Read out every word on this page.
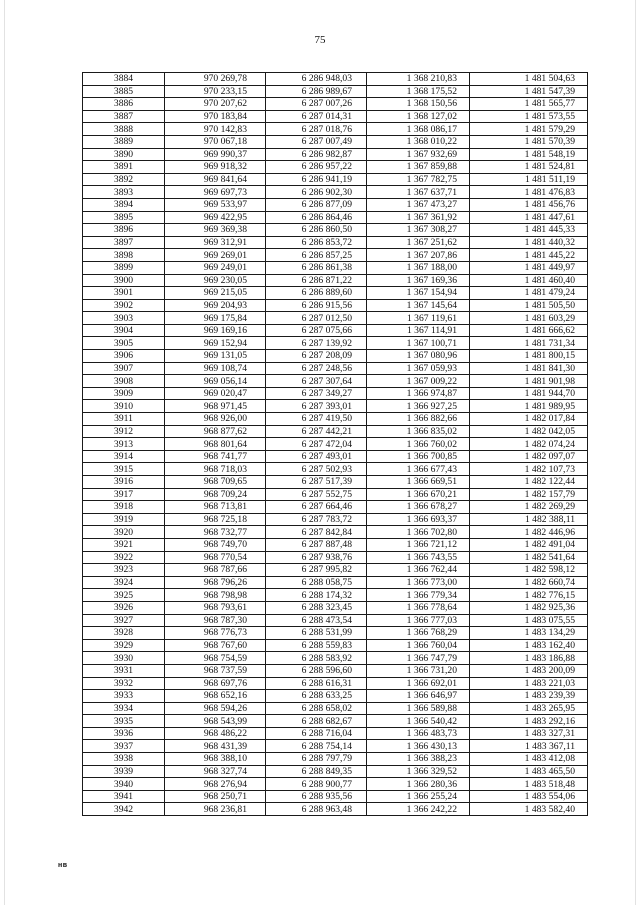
75
3884	970 269,78	6 286 948,03	1 368 210,83	1 481 504,63
3885	970 233,15	6 286 989,67	1 368 175,52	1 481 547,39
3886	970 207,62	6 287 007,26	1 368 150,56	1 481 565,77
3887	970 183,84	6 287 014,31	1 368 127,02	1 481 573,55
3888	970 142,83	6 287 018,76	1 368 086,17	1 481 579,29
3889	970 067,18	6 287 007,49	1 368 010,22	1 481 570,39
3890	969 990,37	6 286 982,87	1 367 932,69	1 481 548,19
3891	969 918,32	6 286 957,22	1 367 859,88	1 481 524,81
3892	969 841,64	6 286 941,19	1 367 782,75	1 481 511,19
3893	969 697,73	6 286 902,30	1 367 637,71	1 481 476,83
3894	969 533,97	6 286 877,09	1 367 473,27	1 481 456,76
3895	969 422,95	6 286 864,46	1 367 361,92	1 481 447,61
3896	969 369,38	6 286 860,50	1 367 308,27	1 481 445,33
3897	969 312,91	6 286 853,72	1 367 251,62	1 481 440,32
3898	969 269,01	6 286 857,25	1 367 207,86	1 481 445,22
3899	969 249,01	6 286 861,38	1 367 188,00	1 481 449,97
3900	969 230,05	6 286 871,22	1 367 169,36	1 481 460,40
3901	969 215,05	6 286 889,60	1 367 154,94	1 481 479,24
3902	969 204,93	6 286 915,56	1 367 145,64	1 481 505,50
3903	969 175,84	6 287 012,50	1 367 119,61	1 481 603,29
3904	969 169,16	6 287 075,66	1 367 114,91	1 481 666,62
3905	969 152,94	6 287 139,92	1 367 100,71	1 481 731,34
3906	969 131,05	6 287 208,09	1 367 080,96	1 481 800,15
3907	969 108,74	6 287 248,56	1 367 059,93	1 481 841,30
3908	969 056,14	6 287 307,64	1 367 009,22	1 481 901,98
3909	969 020,47	6 287 349,27	1 366 974,87	1 481 944,70
3910	968 971,45	6 287 393,01	1 366 927,25	1 481 989,95
3911	968 926,00	6 287 419,50	1 366 882,66	1 482 017,84
3912	968 877,62	6 287 442,21	1 366 835,02	1 482 042,05
3913	968 801,64	6 287 472,04	1 366 760,02	1 482 074,24
3914	968 741,77	6 287 493,01	1 366 700,85	1 482 097,07
3915	968 718,03	6 287 502,93	1 366 677,43	1 482 107,73
3916	968 709,65	6 287 517,39	1 366 669,51	1 482 122,44
3917	968 709,24	6 287 552,75	1 366 670,21	1 482 157,79
3918	968 713,81	6 287 664,46	1 366 678,27	1 482 269,29
3919	968 725,18	6 287 783,72	1 366 693,37	1 482 388,11
3920	968 732,77	6 287 842,84	1 366 702,80	1 482 446,96
3921	968 749,70	6 287 887,48	1 366 721,12	1 482 491,04
3922	968 770,54	6 287 938,76	1 366 743,55	1 482 541,64
3923	968 787,66	6 287 995,82	1 366 762,44	1 482 598,12
3924	968 796,26	6 288 058,75	1 366 773,00	1 482 660,74
3925	968 798,98	6 288 174,32	1 366 779,34	1 482 776,15
3926	968 793,61	6 288 323,45	1 366 778,64	1 482 925,36
3927	968 787,30	6 288 473,54	1 366 777,03	1 483 075,55
3928	968 776,73	6 288 531,99	1 366 768,29	1 483 134,29
3929	968 767,60	6 288 559,83	1 366 760,04	1 483 162,40
3930	968 754,59	6 288 583,92	1 366 747,79	1 483 186,88
3931	968 737,59	6 288 596,60	1 366 731,20	1 483 200,09
3932	968 697,76	6 288 616,31	1 366 692,01	1 483 221,03
3933	968 652,16	6 288 633,25	1 366 646,97	1 483 239,39
3934	968 594,26	6 288 658,02	1 366 589,88	1 483 265,95
3935	968 543,99	6 288 682,67	1 366 540,42	1 483 292,16
3936	968 486,22	6 288 716,04	1 366 483,73	1 483 327,31
3937	968 431,39	6 288 754,14	1 366 430,13	1 483 367,11
3938	968 388,10	6 288 797,79	1 366 388,23	1 483 412,08
3939	968 327,74	6 288 849,35	1 366 329,52	1 483 465,50
3940	968 276,94	6 288 900,77	1 366 280,36	1 483 518,48
3941	968 250,71	6 288 935,56	1 366 255,24	1 483 554,06
3942	968 236,81	6 288 963,48	1 366 242,22	1 483 582,40
нв
